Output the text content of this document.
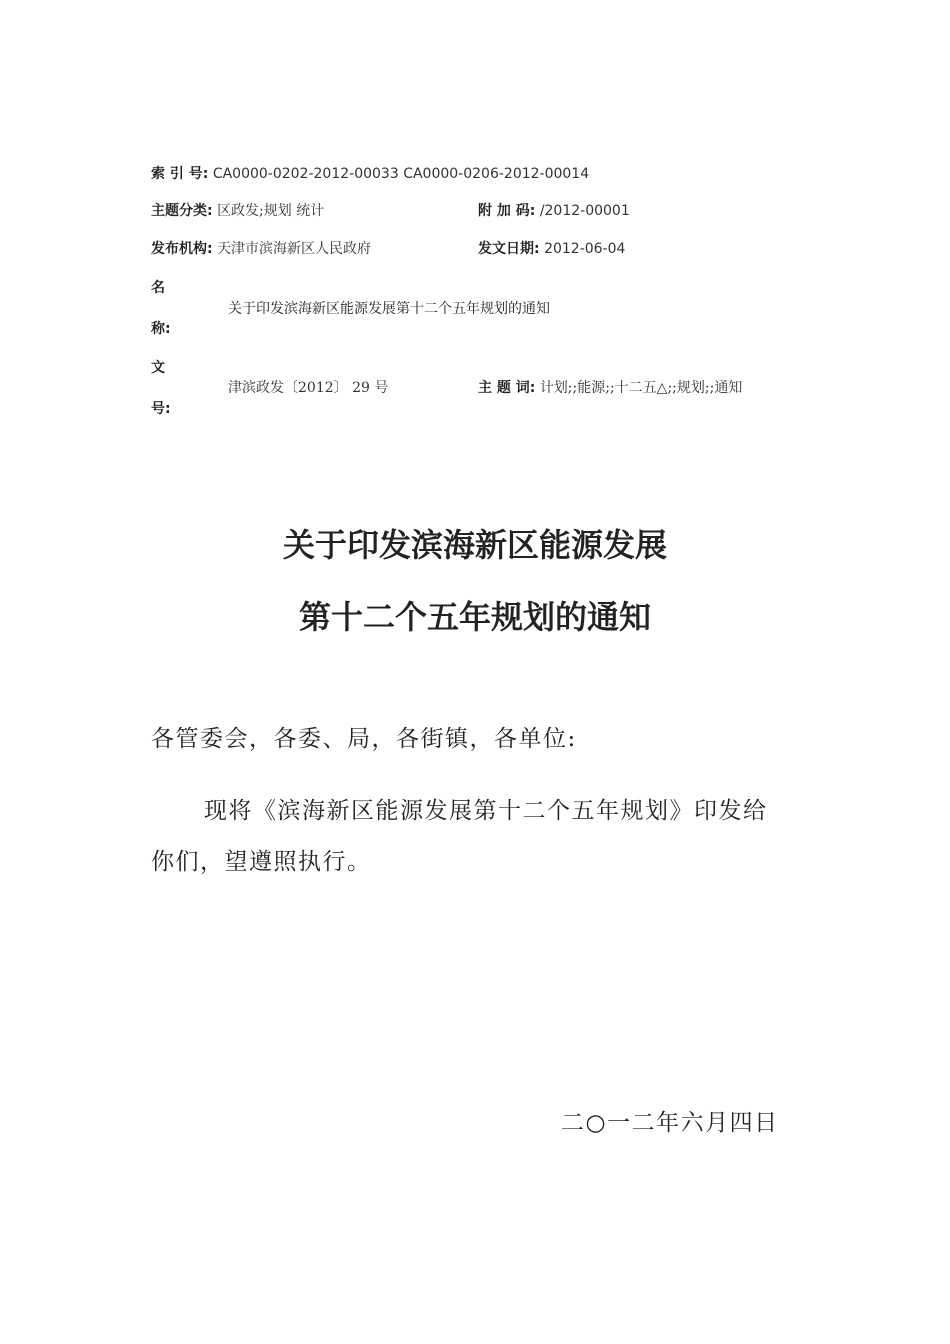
索 引 号: CA0000-0202-2012-00033 CA0000-0206-2012-00014
主题分类: 区政发;规划 统计	附 加 码: /2012-00001
发布机构: 天津市滨海新区人民政府	发文日期: 2012-06-04
名
称:
关于印发滨海新区能源发展第十二个五年规划的通知
文
号:
津滨政发〔2012〕 29 号	主 题 词: 计划;;能源;;十二五△;;规划;;通知
关于印发滨海新区能源发展
第十二个五年规划的通知
各管委会，各委、局，各街镇，各单位:
现将《滨海新区能源发展第十二个五年规划》印发给
你们，望遵照执行。
二○一二年六月四日
